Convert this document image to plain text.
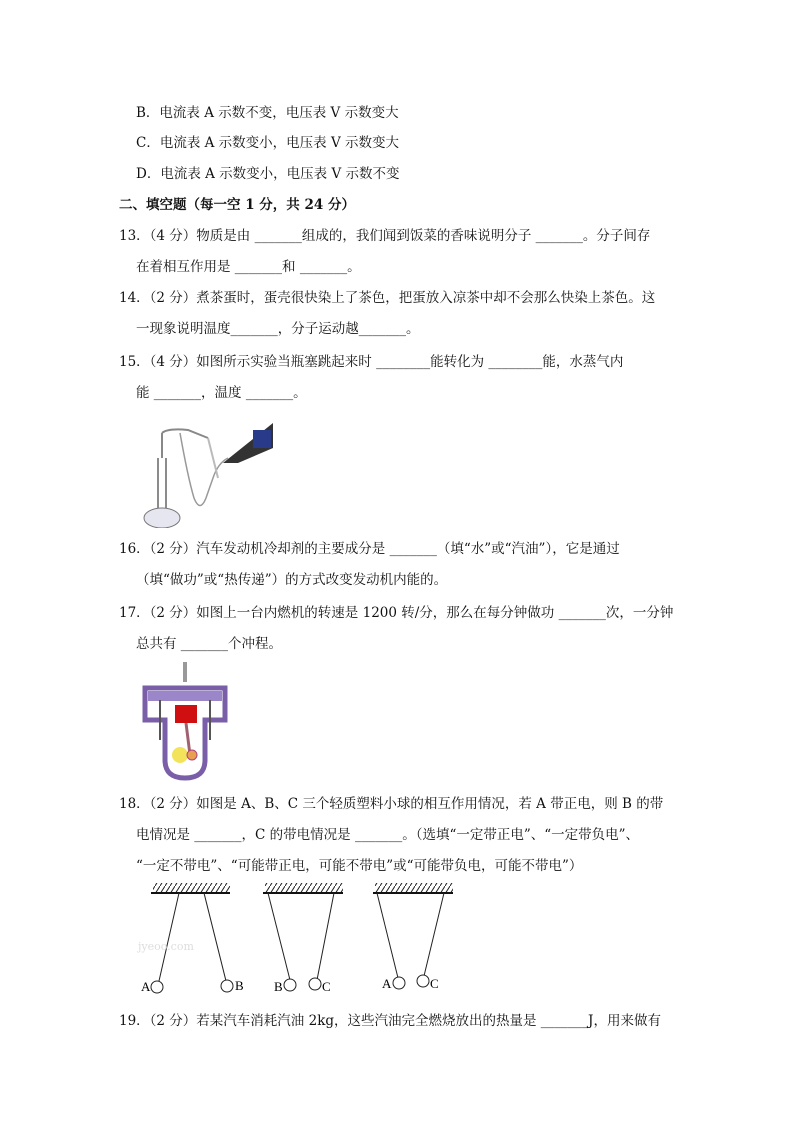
B．电流表 A 示数不变，电压表 V 示数变大
C．电流表 A 示数变小，电压表 V 示数变大
D．电流表 A 示数变小，电压表 V 示数不变
二、填空题（每一空 1 分，共 24 分）
13．（4 分）物质是由 _______组成的，我们闻到饭菜的香味说明分子 _______。分子间存
在着相互作用是 _______和 _______。
14．（2 分）煮茶蛋时，蛋壳很快染上了茶色，把蛋放入凉茶中却不会那么快染上茶色。这
一现象说明温度_______，分子运动越_______。
15．（4 分）如图所示实验当瓶塞跳起来时 ________能转化为 ________能，水蒸气内
能 _______，温度 _______。
16．（2 分）汽车发动机冷却剂的主要成分是 _______（填“水”或“汽油”），它是通过
（填“做功”或“热传递”）的方式改变发动机内能的。
17．（2 分）如图上一台内燃机的转速是 1200 转/分，那么在每分钟做功 _______次，一分钟
总共有 _______个冲程。
18．（2 分）如图是 A、B、C 三个轻质塑料小球的相互作用情况，若 A 带正电，则 B 的带
电情况是 _______，C 的带电情况是 _______。（选填“一定带正电”、“一定带负电”、
“一定不带电”、“可能带正电，可能不带电”或“可能带负电，可能不带电”）
A	B B	C	A	C
jyeoo.com
19．（2 分）若某汽车消耗汽油 2kg，这些汽油完全燃烧放出的热量是 _______J，用来做有
